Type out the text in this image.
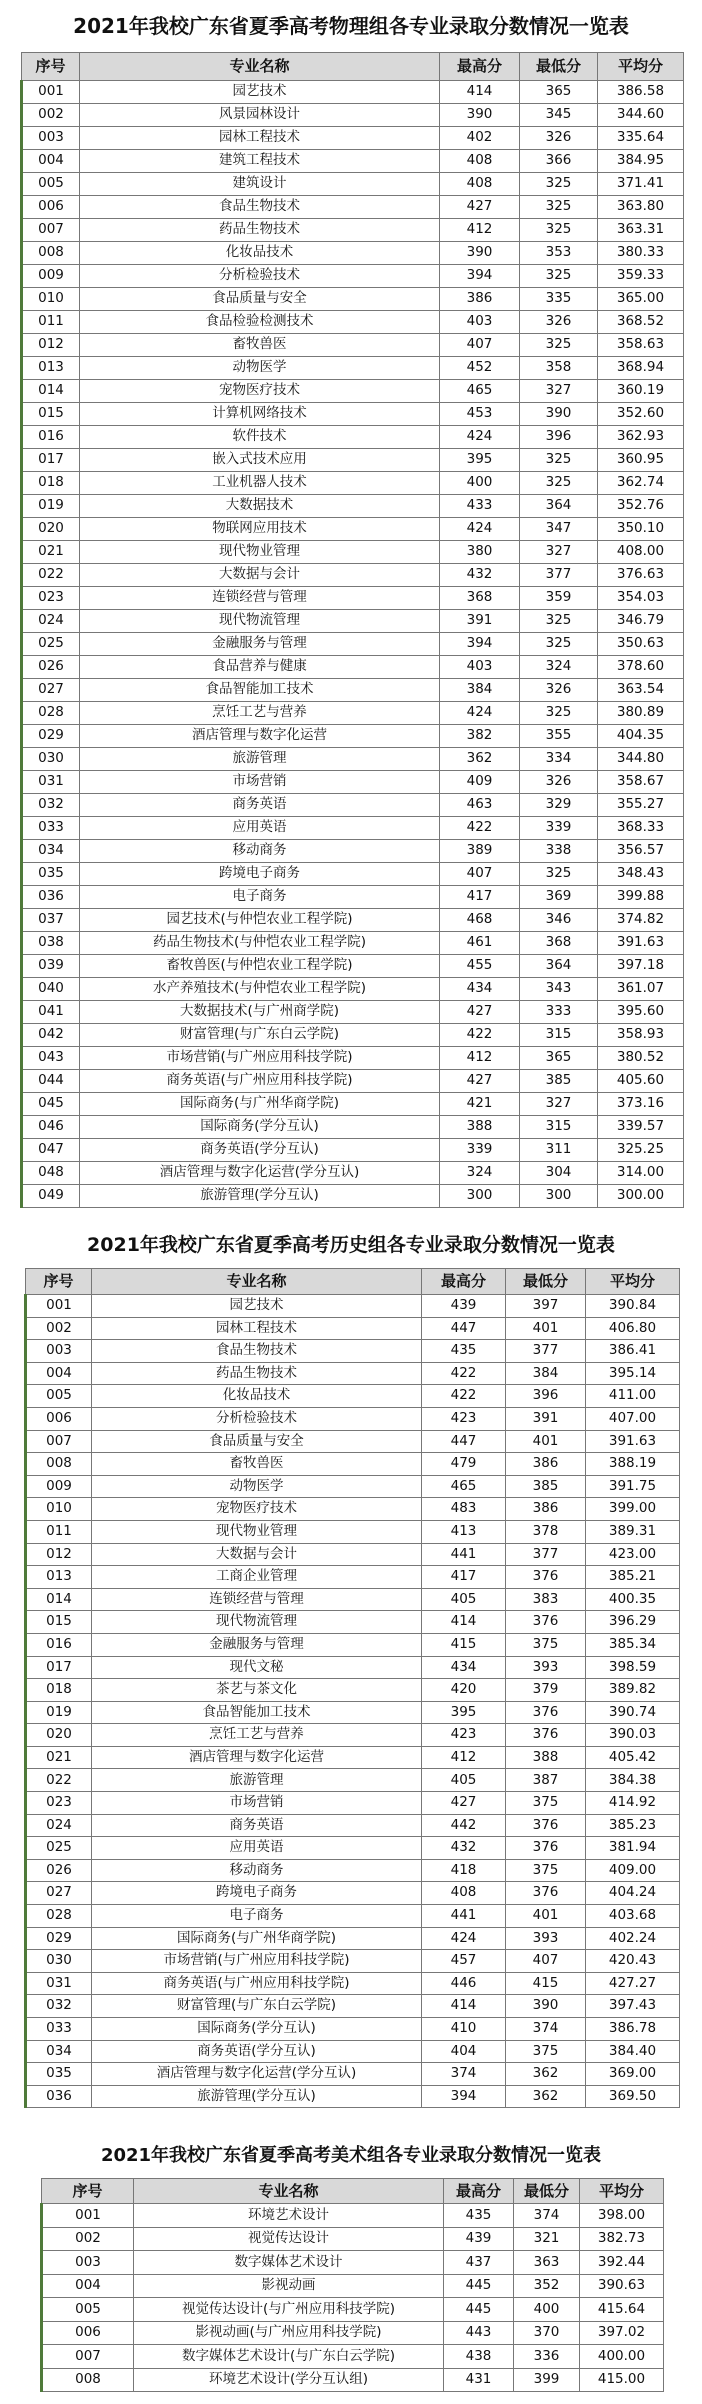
2021年我校广东省夏季高考物理组各专业录取分数情况一览表
序号	专业名称	最高分	最低分	平均分
001	园艺技术	414	365	386.58
002	风景园林设计	390	345	344.60
003	园林工程技术	402	326	335.64
004	建筑工程技术	408	366	384.95
005	建筑设计	408	325	371.41
006	食品生物技术	427	325	363.80
007	药品生物技术	412	325	363.31
008	化妆品技术	390	353	380.33
009	分析检验技术	394	325	359.33
010	食品质量与安全	386	335	365.00
011	食品检验检测技术	403	326	368.52
012	畜牧兽医	407	325	358.63
013	动物医学	452	358	368.94
014	宠物医疗技术	465	327	360.19
015	计算机网络技术	453	390	352.60
016	软件技术	424	396	362.93
017	嵌入式技术应用	395	325	360.95
018	工业机器人技术	400	325	362.74
019	大数据技术	433	364	352.76
020	物联网应用技术	424	347	350.10
021	现代物业管理	380	327	408.00
022	大数据与会计	432	377	376.63
023	连锁经营与管理	368	359	354.03
024	现代物流管理	391	325	346.79
025	金融服务与管理	394	325	350.63
026	食品营养与健康	403	324	378.60
027	食品智能加工技术	384	326	363.54
028	烹饪工艺与营养	424	325	380.89
029	酒店管理与数字化运营	382	355	404.35
030	旅游管理	362	334	344.80
031	市场营销	409	326	358.67
032	商务英语	463	329	355.27
033	应用英语	422	339	368.33
034	移动商务	389	338	356.57
035	跨境电子商务	407	325	348.43
036	电子商务	417	369	399.88
037	园艺技术(与仲恺农业工程学院)	468	346	374.82
038	药品生物技术(与仲恺农业工程学院)	461	368	391.63
039	畜牧兽医(与仲恺农业工程学院)	455	364	397.18
040	水产养殖技术(与仲恺农业工程学院)	434	343	361.07
041	大数据技术(与广州商学院)	427	333	395.60
042	财富管理(与广东白云学院)	422	315	358.93
043	市场营销(与广州应用科技学院)	412	365	380.52
044	商务英语(与广州应用科技学院)	427	385	405.60
045	国际商务(与广州华商学院)	421	327	373.16
046	国际商务(学分互认)	388	315	339.57
047	商务英语(学分互认)	339	311	325.25
048	酒店管理与数字化运营(学分互认)	324	304	314.00
049	旅游管理(学分互认)	300	300	300.00
2021年我校广东省夏季高考历史组各专业录取分数情况一览表
序号	专业名称	最高分	最低分	平均分
001	园艺技术	439	397	390.84
002	园林工程技术	447	401	406.80
003	食品生物技术	435	377	386.41
004	药品生物技术	422	384	395.14
005	化妆品技术	422	396	411.00
006	分析检验技术	423	391	407.00
007	食品质量与安全	447	401	391.63
008	畜牧兽医	479	386	388.19
009	动物医学	465	385	391.75
010	宠物医疗技术	483	386	399.00
011	现代物业管理	413	378	389.31
012	大数据与会计	441	377	423.00
013	工商企业管理	417	376	385.21
014	连锁经营与管理	405	383	400.35
015	现代物流管理	414	376	396.29
016	金融服务与管理	415	375	385.34
017	现代文秘	434	393	398.59
018	茶艺与茶文化	420	379	389.82
019	食品智能加工技术	395	376	390.74
020	烹饪工艺与营养	423	376	390.03
021	酒店管理与数字化运营	412	388	405.42
022	旅游管理	405	387	384.38
023	市场营销	427	375	414.92
024	商务英语	442	376	385.23
025	应用英语	432	376	381.94
026	移动商务	418	375	409.00
027	跨境电子商务	408	376	404.24
028	电子商务	441	401	403.68
029	国际商务(与广州华商学院)	424	393	402.24
030	市场营销(与广州应用科技学院)	457	407	420.43
031	商务英语(与广州应用科技学院)	446	415	427.27
032	财富管理(与广东白云学院)	414	390	397.43
033	国际商务(学分互认)	410	374	386.78
034	商务英语(学分互认)	404	375	384.40
035	酒店管理与数字化运营(学分互认)	374	362	369.00
036	旅游管理(学分互认)	394	362	369.50
2021年我校广东省夏季高考美术组各专业录取分数情况一览表
序号	专业名称	最高分	最低分	平均分
001	环境艺术设计	435	374	398.00
002	视觉传达设计	439	321	382.73
003	数字媒体艺术设计	437	363	392.44
004	影视动画	445	352	390.63
005	视觉传达设计(与广州应用科技学院)	445	400	415.64
006	影视动画(与广州应用科技学院)	443	370	397.02
007	数字媒体艺术设计(与广东白云学院)	438	336	400.00
008	环境艺术设计(学分互认组)	431	399	415.00
